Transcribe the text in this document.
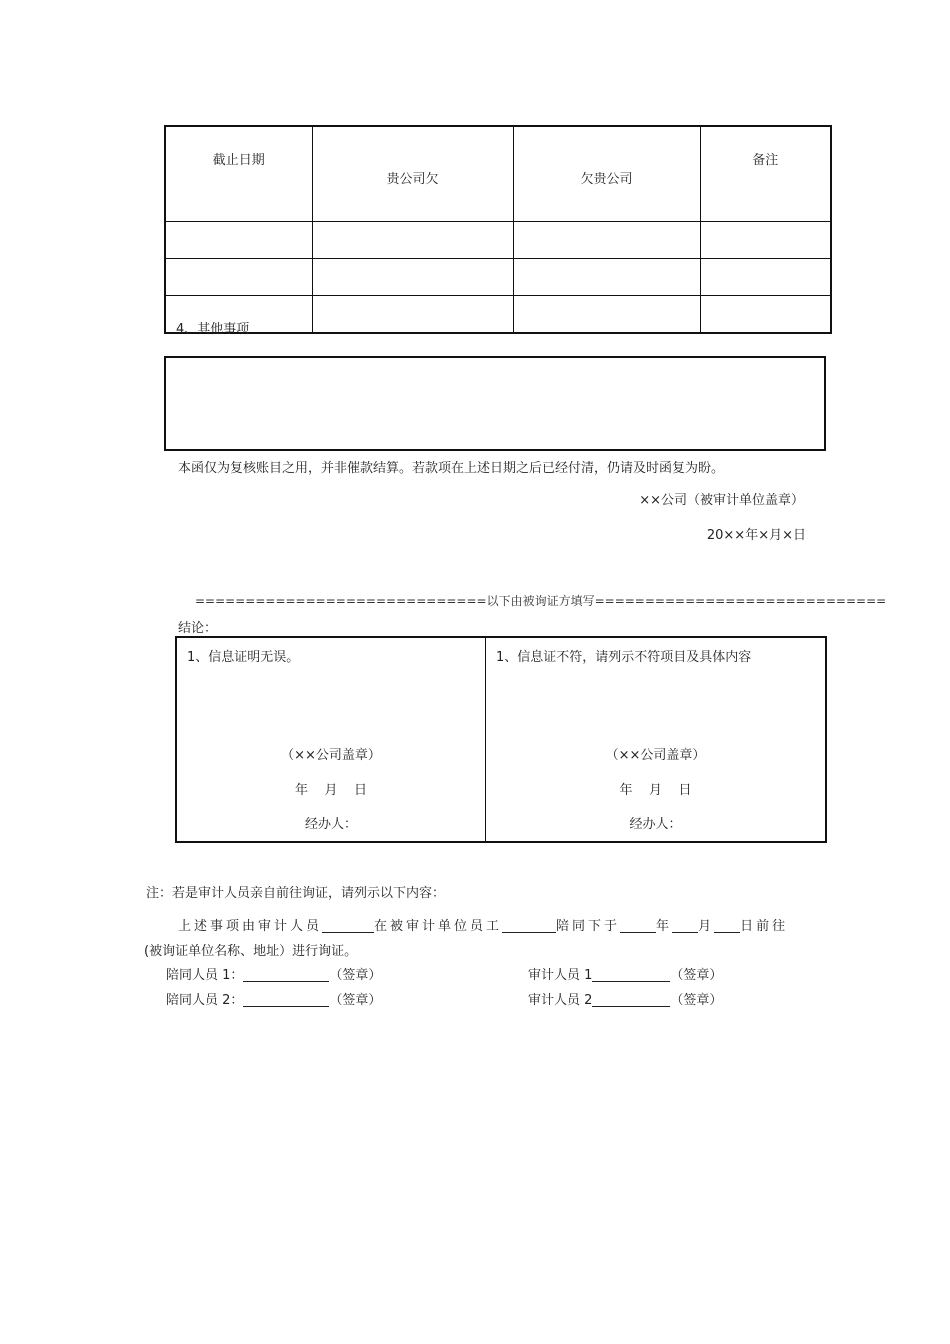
截止日期	贵公司欠	欠贵公司	备注

4、其他事项
本函仅为复核账目之用，并非催款结算。若款项在上述日期之后已经付清，仍请及时函复为盼。
××公司（被审计单位盖章）
20××年×月×日
=============================以下由被询证方填写=============================
结论：
1、信息证明无误。
（××公司盖章）
年    月    日
经办人：
1、信息证不符，请列示不符项目及具体内容
（××公司盖章）
年    月    日
经办人：
注：若是审计人员亲自前往询证，请列示以下内容：
上述事项由审计人员	在被审计单位员工	陪同下于	年 月 日前往
(被询证单位名称、地址）进行询证。
陪同人员 1：	（签章）	审计人员 1	（签章）
陪同人员 2：	（签章）	审计人员 2	（签章）
